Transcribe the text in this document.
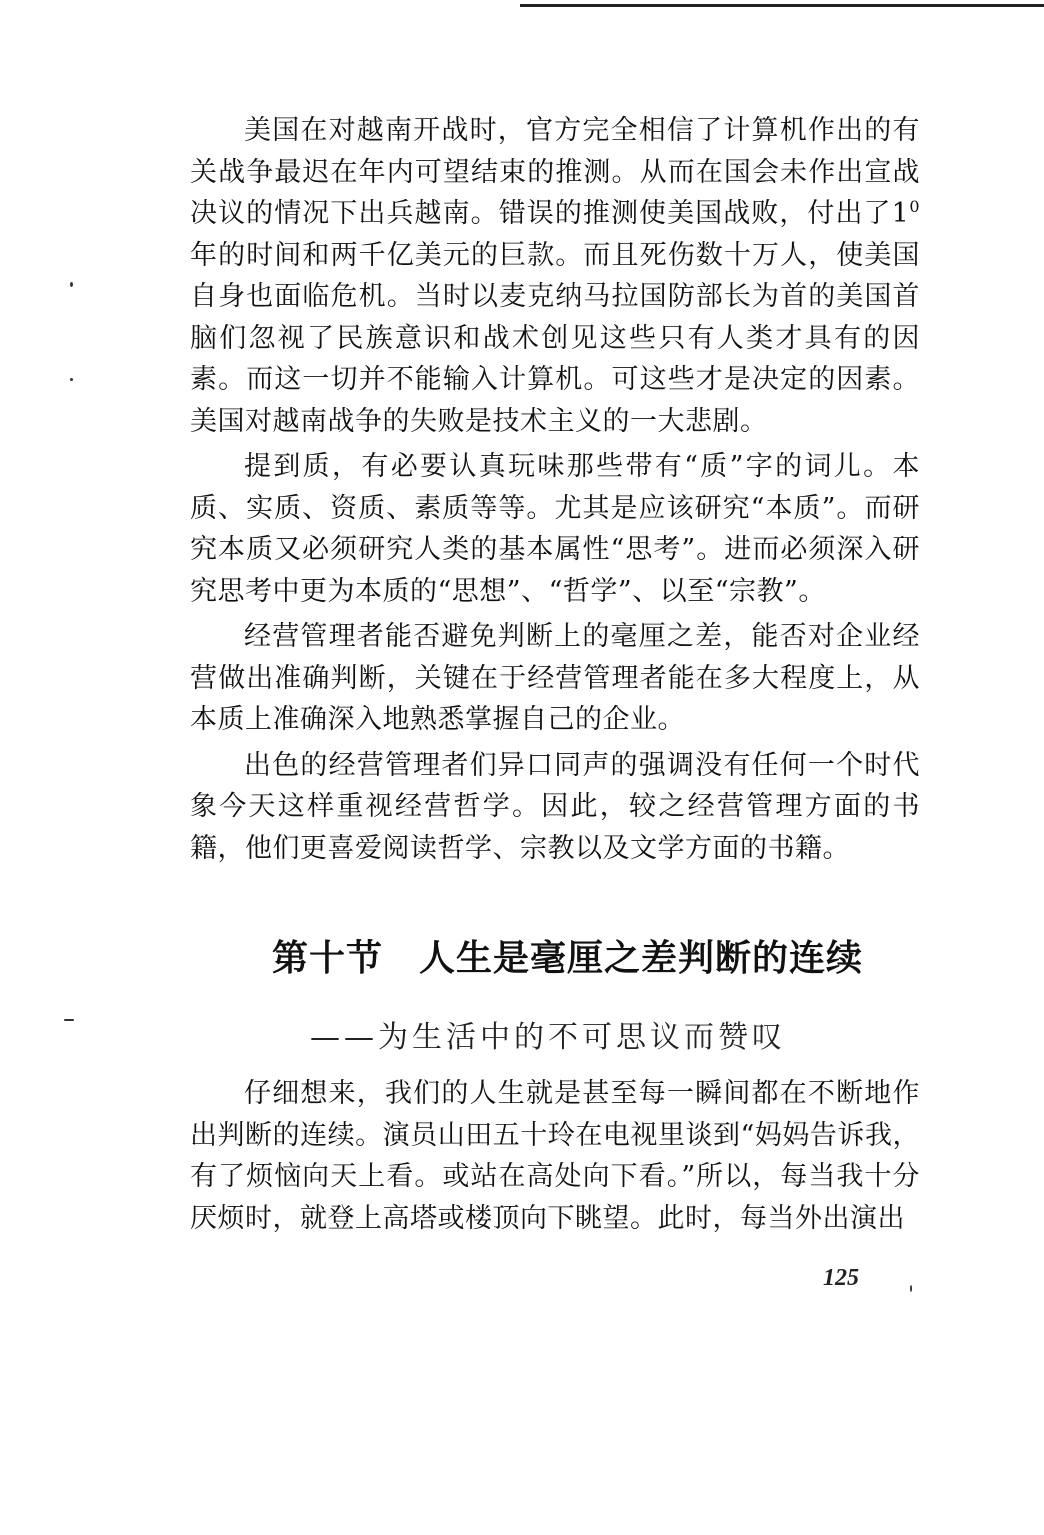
美国在对越南开战时，官方完全相信了计算机作出的有关战争最迟在年内可望结束的推测。从而在国会未作出宣战决议的情况下出兵越南。错误的推测使美国战败，付出了$1^0$年的时间和两千亿美元的巨款。而且死伤数十万人，使美国自身也面临危机。当时以麦克纳马拉国防部长为首的美国首脑们忽视了民族意识和战术创见这些只有人类才具有的因素。而这一切并不能输入计算机。可这些才是决定的因素。美国对越南战争的失败是技术主义的一大悲剧。

提到质，有必要认真玩味那些带有“质”字的词儿。本质、实质、资质、素质等等。尤其是应该研究“本质”。而研究本质又必须研究人类的基本属性“思考”。进而必须深入研究思考中更为本质的“思想”、“哲学”、以至“宗教”。

经营管理者能否避免判断上的毫厘之差，能否对企业经营做出准确判断，关键在于经营管理者能在多大程度上，从本质上准确深入地熟悉掌握自己的企业。

出色的经营管理者们异口同声的强调没有任何一个时代象今天这样重视经营哲学。因此，较之经营管理方面的书籍，他们更喜爱阅读哲学、宗教以及文学方面的书籍。

第十节 人生是毫厘之差判断的连续
——为生活中的不可思议而赞叹

仔细想来，我们的人生就是甚至每一瞬间都在不断地作出判断的连续。演员山田五十玲在电视里谈到“妈妈告诉我，有了烦恼向天上看。或站在高处向下看。”所以，每当我十分厌烦时，就登上高塔或楼顶向下眺望。此时，每当外出演出

125
